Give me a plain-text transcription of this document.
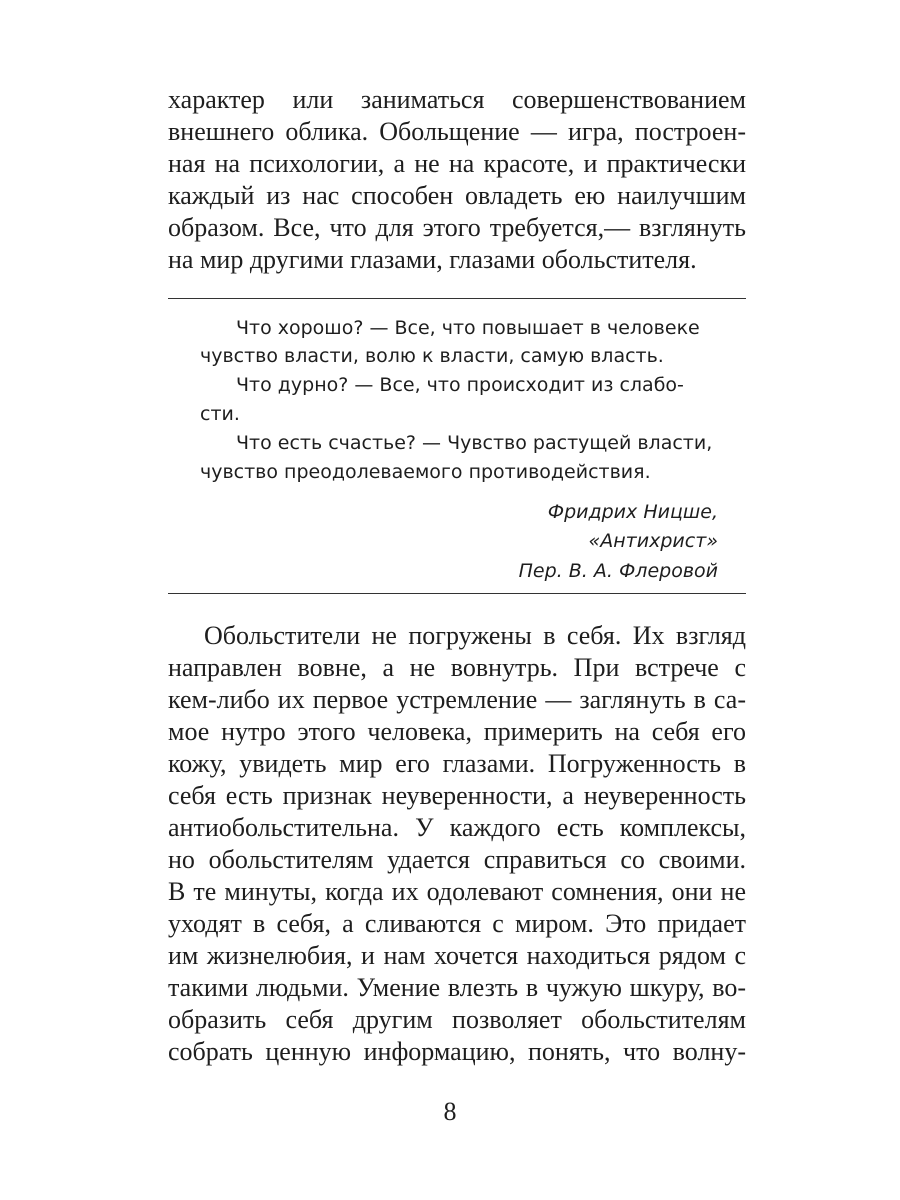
характер или заниматься совершенствованием
внешнего облика. Обольщение — игра, построен-
ная на психологии, а не на красоте, и практически
каждый из нас способен овладеть ею наилучшим
образом. Все, что для этого требуется,— взглянуть
на мир другими глазами, глазами обольстителя.
Что хорошо? — Все, что повышает в человеке
чувство власти, волю к власти, самую власть.
Что дурно? — Все, что происходит из слабо-
сти.
Что есть счастье? — Чувство растущей власти,
чувство преодолеваемого противодействия.
Фридрих Ницше,
«Антихрист»
Пер. В. А. Флеровой
Обольстители не погружены в себя. Их взгляд
направлен вовне, а не вовнутрь. При встрече с
кем-либо их первое устремление — заглянуть в са-
мое нутро этого человека, примерить на себя его
кожу, увидеть мир его глазами. Погруженность в
себя есть признак неуверенности, а неуверенность
антиобольстительна. У каждого есть комплексы,
но обольстителям удается справиться со своими.
В те минуты, когда их одолевают сомнения, они не
уходят в себя, а сливаются с миром. Это придает
им жизнелюбия, и нам хочется находиться рядом с
такими людьми. Умение влезть в чужую шкуру, во-
образить себя другим позволяет обольстителям
собрать ценную информацию, понять, что волну-
8
